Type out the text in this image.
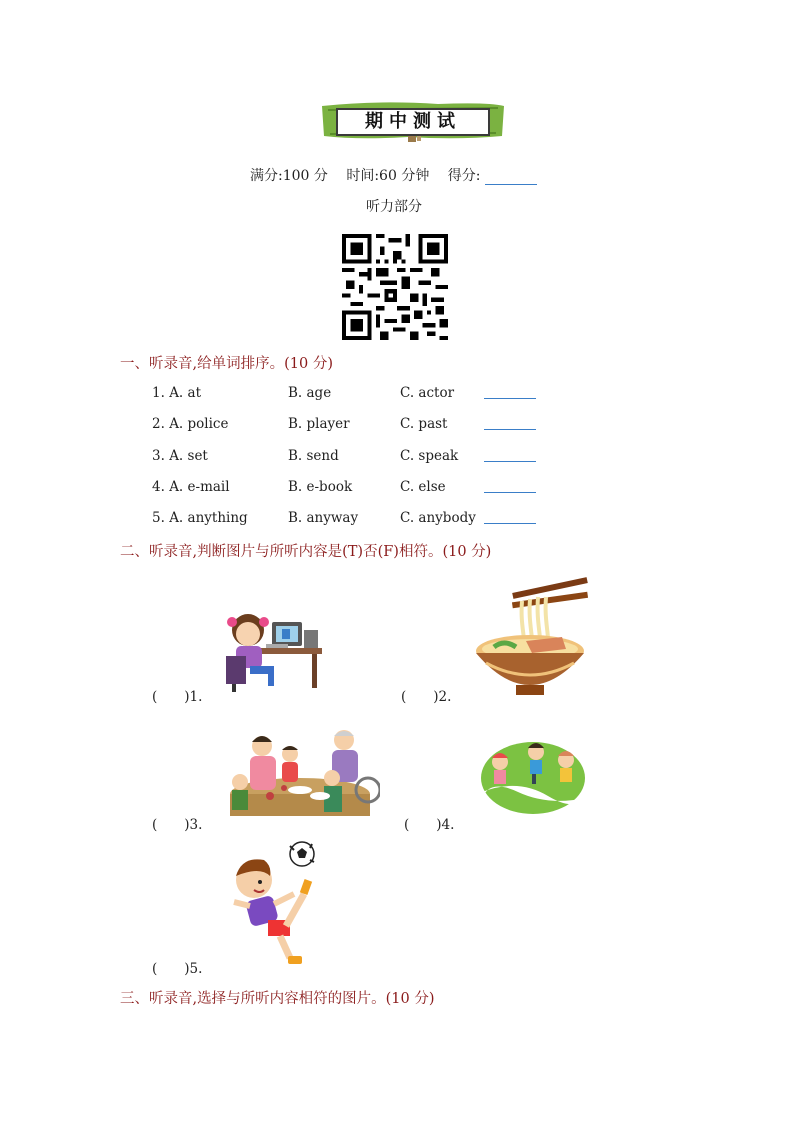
期中测试
满分:100 分 时间:60 分钟 得分:
听力部分
一、听录音,给单词排序。(10 分)
1. A. at	B. age	C. actor
2. A. police	B. player	C. past
3. A. set	B. send	C. speak
4. A. e-mail	B. e-book	C. else
5. A. anything	B. anyway	C. anybody
二、听录音,判断图片与所听内容是(T)否(F)相符。(10 分)
(　　)1.	(　　)2.
(　　)3.	(　　)4.
(　　)5.
三、听录音,选择与所听内容相符的图片。(10 分)
